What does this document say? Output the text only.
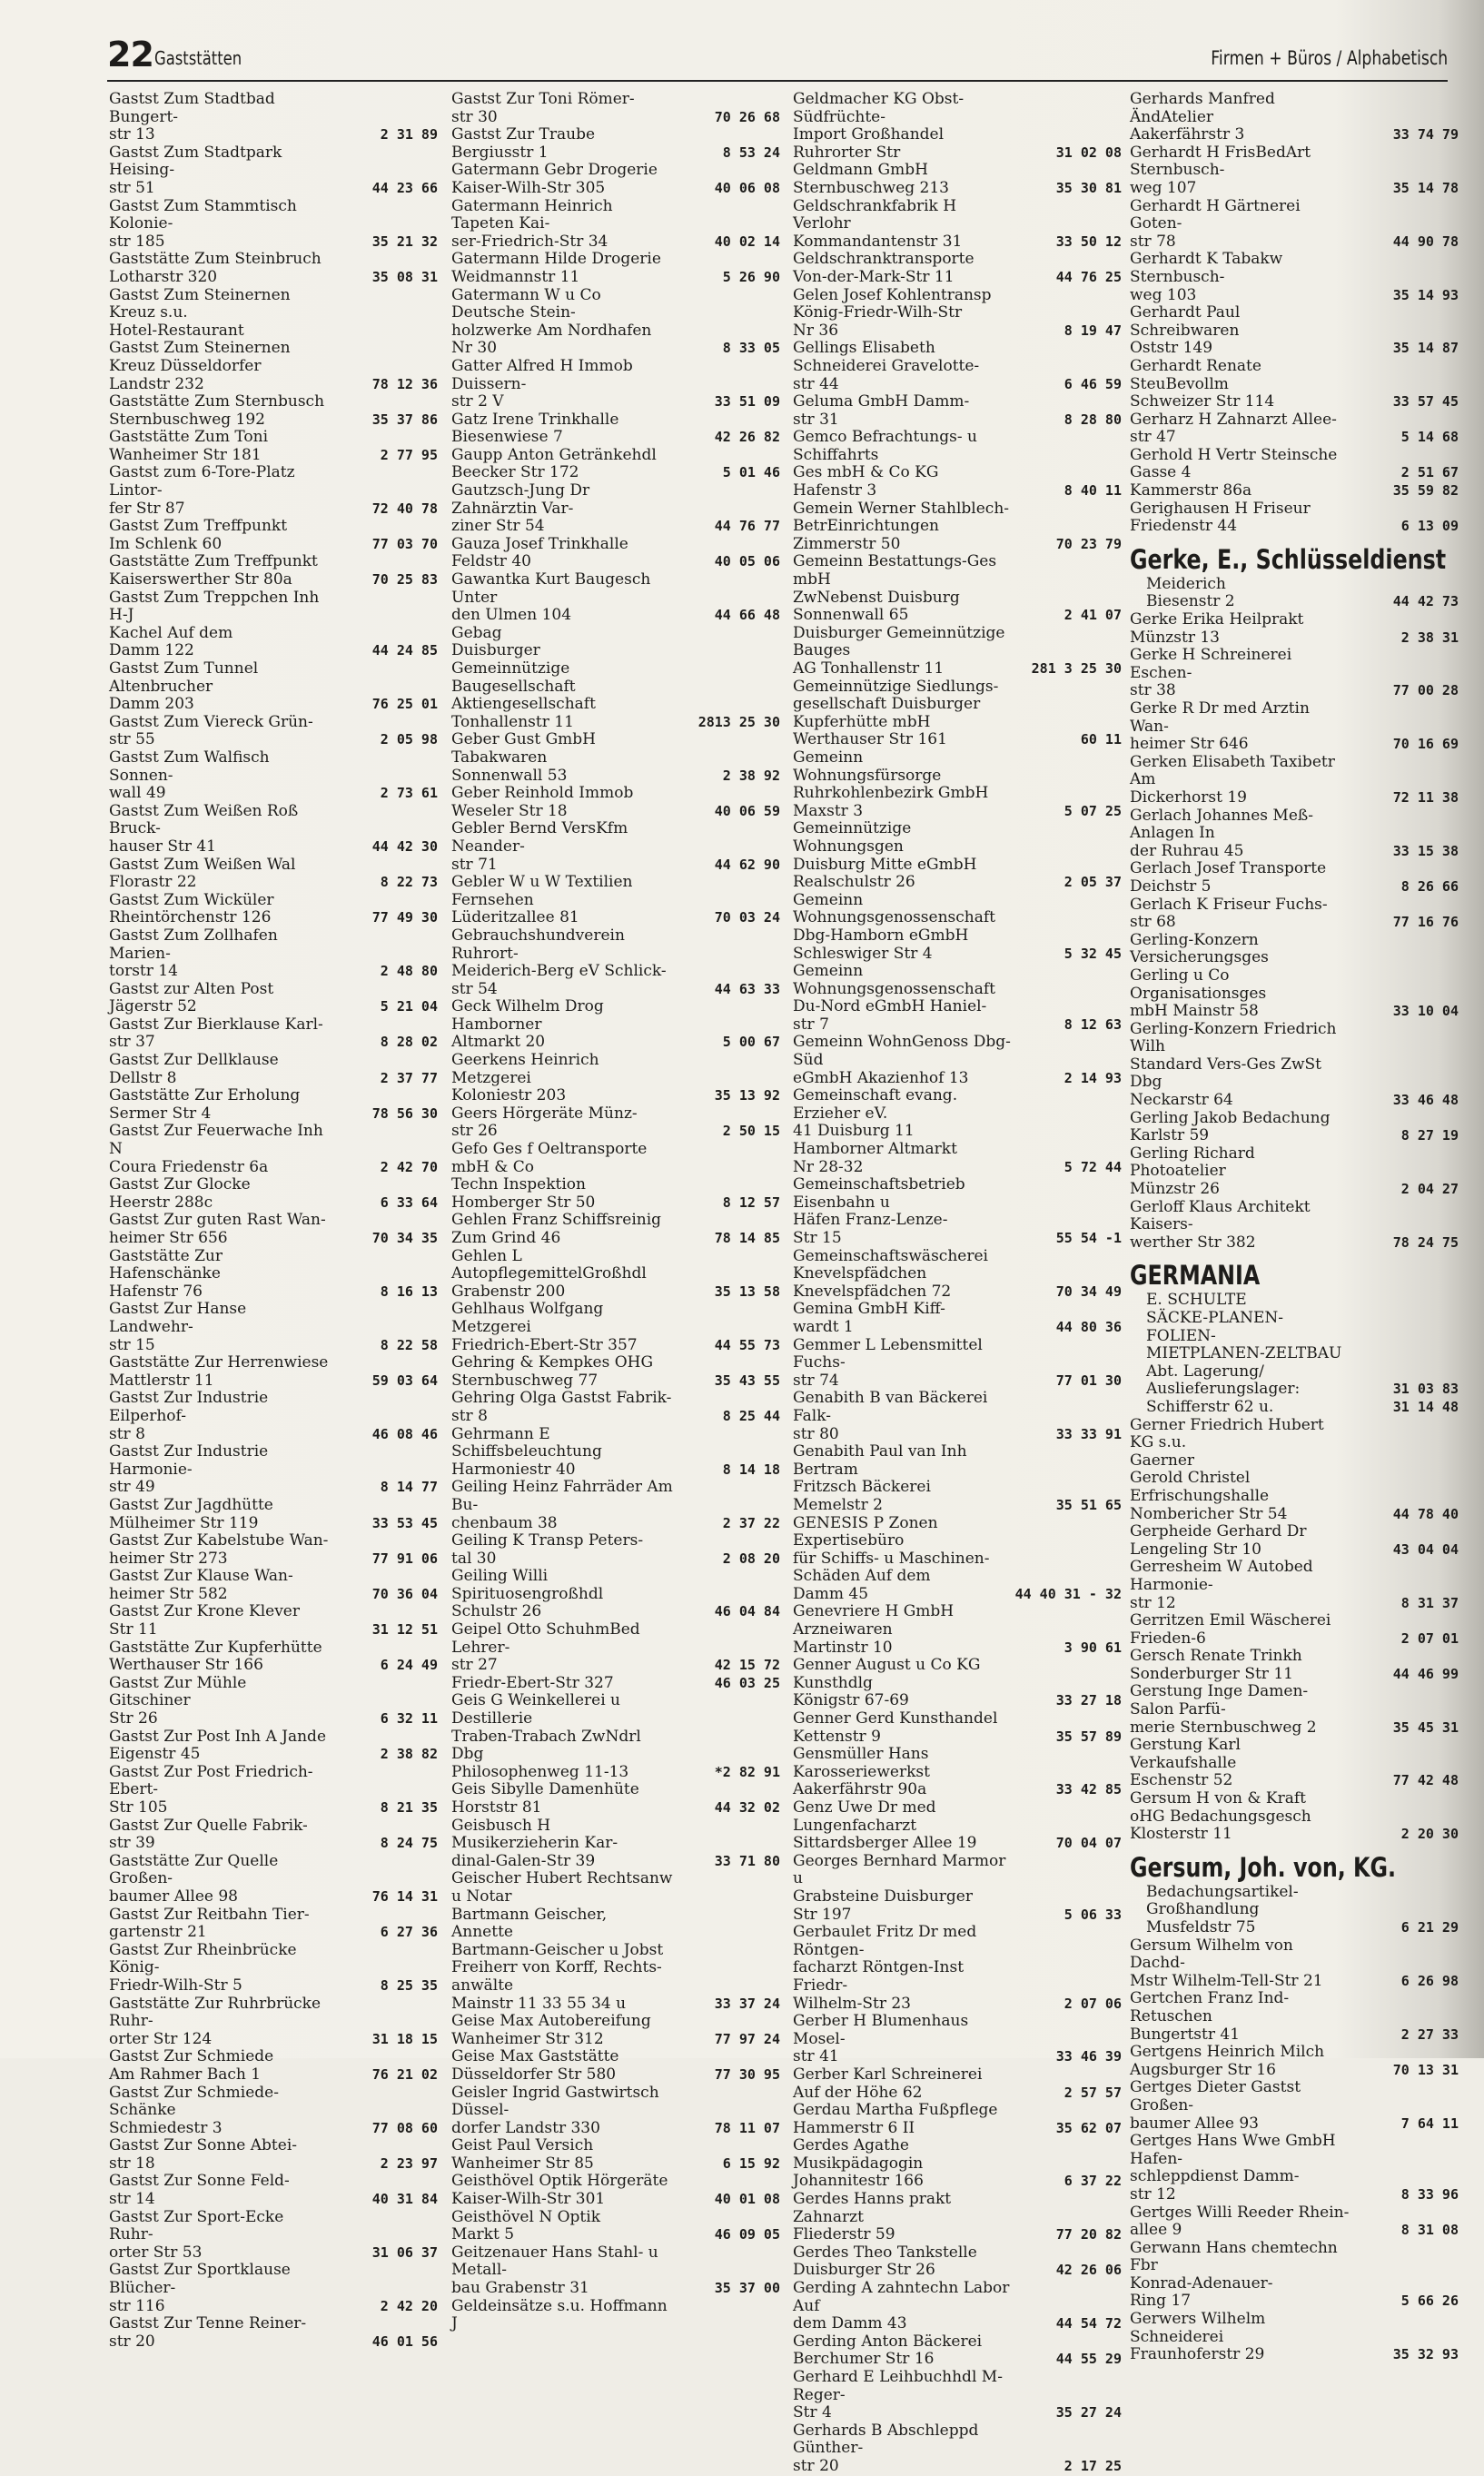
22 Gaststätten	Firmen + Büros / Alphabetisch
Gastst Zum Stadtbad Bungert-
str 13	2 31 89
Gastst Zum Stadtpark Heising-
str 51	44 23 66
Gastst Zum Stammtisch Kolonie-
str 185	35 21 32
Gaststätte Zum Steinbruch
Lotharstr 320	35 08 31
Gastst Zum Steinernen Kreuz s.u.
Hotel-Restaurant
Gastst Zum Steinernen
Kreuz Düsseldorfer
Landstr 232	78 12 36
Gaststätte Zum Sternbusch
Sternbuschweg 192	35 37 86
Gaststätte Zum Toni
Wanheimer Str 181	2 77 95
Gastst zum 6-Tore-Platz Lintor-
fer Str 87	72 40 78
Gastst Zum Treffpunkt
Im Schlenk 60	77 03 70
Gaststätte Zum Treffpunkt
Kaiserswerther Str 80a	70 25 83
Gastst Zum Treppchen Inh H-J
Kachel Auf dem
Damm 122	44 24 85
Gastst Zum Tunnel Altenbrucher
Damm 203	76 25 01
Gastst Zum Viereck Grün-
str 55	2 05 98
Gastst Zum Walfisch Sonnen-
wall 49	2 73 61
Gastst Zum Weißen Roß Bruck-
hauser Str 41	44 42 30
Gastst Zum Weißen Wal
Florastr 22	8 22 73
Gastst Zum Wicküler
Rheintörchenstr 126	77 49 30
Gastst Zum Zollhafen Marien-
torstr 14	2 48 80
Gastst zur Alten Post
Jägerstr 52	5 21 04
Gastst Zur Bierklause Karl-
str 37	8 28 02
Gastst Zur Dellklause
Dellstr 8	2 37 77
Gaststätte Zur Erholung
Sermer Str 4	78 56 30
Gastst Zur Feuerwache Inh N
Coura Friedenstr 6a	2 42 70
Gastst Zur Glocke
Heerstr 288c	6 33 64
Gastst Zur guten Rast Wan-
heimer Str 656	70 34 35
Gaststätte Zur Hafenschänke
Hafenstr 76	8 16 13
Gastst Zur Hanse Landwehr-
str 15	8 22 58
Gaststätte Zur Herrenwiese
Mattlerstr 11	59 03 64
Gastst Zur Industrie Eilperhof-
str 8	46 08 46
Gastst Zur Industrie Harmonie-
str 49	8 14 77
Gastst Zur Jagdhütte
Mülheimer Str 119	33 53 45
Gastst Zur Kabelstube Wan-
heimer Str 273	77 91 06
Gastst Zur Klause Wan-
heimer Str 582	70 36 04
Gastst Zur Krone Klever
Str 11	31 12 51
Gaststätte Zur Kupferhütte
Werthauser Str 166	6 24 49
Gastst Zur Mühle Gitschiner
Str 26	6 32 11
Gastst Zur Post Inh A Jande
Eigenstr 45	2 38 82
Gastst Zur Post Friedrich-Ebert-
Str 105	8 21 35
Gastst Zur Quelle Fabrik-
str 39	8 24 75
Gaststätte Zur Quelle Großen-
baumer Allee 98	76 14 31
Gastst Zur Reitbahn Tier-
gartenstr 21	6 27 36
Gastst Zur Rheinbrücke König-
Friedr-Wilh-Str 5	8 25 35
Gaststätte Zur Ruhrbrücke Ruhr-
orter Str 124	31 18 15
Gastst Zur Schmiede
Am Rahmer Bach 1	76 21 02
Gastst Zur Schmiede-Schänke
Schmiedestr 3	77 08 60
Gastst Zur Sonne Abtei-
str 18	2 23 97
Gastst Zur Sonne Feld-
str 14	40 31 84
Gastst Zur Sport-Ecke Ruhr-
orter Str 53	31 06 37
Gastst Zur Sportklause Blücher-
str 116	2 42 20
Gastst Zur Tenne Reiner-
str 20	46 01 56
Gastst Zur Toni Römer-
str 30	70 26 68
Gastst Zur Traube
Bergiusstr 1	8 53 24
Gatermann Gebr Drogerie
Kaiser-Wilh-Str 305	40 06 08
Gatermann Heinrich Tapeten Kai-
ser-Friedrich-Str 34	40 02 14
Gatermann Hilde Drogerie
Weidmannstr 11	5 26 90
Gatermann W u Co Deutsche Stein-
holzwerke Am Nordhafen
Nr 30	8 33 05
Gatter Alfred H Immob Duissern-
str 2 V	33 51 09
Gatz Irene Trinkhalle
Biesenwiese 7	42 26 82
Gaupp Anton Getränkehdl
Beecker Str 172	5 01 46
Gautzsch-Jung Dr Zahnärztin Var-
ziner Str 54	44 76 77
Gauza Josef Trinkhalle
Feldstr 40	40 05 06
Gawantka Kurt Baugesch Unter
den Ulmen 104	44 66 48
Gebag
Duisburger
Gemeinnützige Baugesellschaft
Aktiengesellschaft
Tonhallenstr 11	2813 25 30
Geber Gust GmbH Tabakwaren
Sonnenwall 53	2 38 92
Geber Reinhold Immob
Weseler Str 18	40 06 59
Gebler Bernd VersKfm Neander-
str 71	44 62 90
Gebler W u W Textilien Fernsehen
Lüderitzallee 81	70 03 24
Gebrauchshundverein Ruhrort-
Meiderich-Berg eV Schlick-
str 54	44 63 33
Geck Wilhelm Drog Hamborner
Altmarkt 20	5 00 67
Geerkens Heinrich Metzgerei
Koloniestr 203	35 13 92
Geers Hörgeräte Münz-
str 26	2 50 15
Gefo Ges f Oeltransporte mbH & Co
Techn Inspektion
Homberger Str 50	8 12 57
Gehlen Franz Schiffsreinig
Zum Grind 46	78 14 85
Gehlen L AutopflegemittelGroßhdl
Grabenstr 200	35 13 58
Gehlhaus Wolfgang Metzgerei
Friedrich-Ebert-Str 357	44 55 73
Gehring & Kempkes OHG
Sternbuschweg 77	35 43 55
Gehring Olga Gastst Fabrik-
str 8	8 25 44
Gehrmann E Schiffsbeleuchtung
Harmoniestr 40	8 14 18
Geiling Heinz Fahrräder Am Bu-
chenbaum 38	2 37 22
Geiling K Transp Peters-
tal 30	2 08 20
Geiling Willi Spirituosengroßhdl
Schulstr 26	46 04 84
Geipel Otto SchuhmBed Lehrer-
str 27	42 15 72
Friedr-Ebert-Str 327	46 03 25
Geis G Weinkellerei u Destillerie
Traben-Trabach ZwNdrl Dbg
Philosophenweg 11-13	*2 82 91
Geis Sibylle Damenhüte
Horststr 81	44 32 02
Geisbusch H Musikerzieherin Kar-
dinal-Galen-Str 39	33 71 80
Geischer Hubert Rechtsanw u Notar
Bartmann Geischer, Annette
Bartmann-Geischer u Jobst
Freiherr von Korff, Rechts-
anwälte
Mainstr 11 33 55 34 u	33 37 24
Geise Max Autobereifung
Wanheimer Str 312	77 97 24
Geise Max Gaststätte
Düsseldorfer Str 580	77 30 95
Geisler Ingrid Gastwirtsch Düssel-
dorfer Landstr 330	78 11 07
Geist Paul Versich
Wanheimer Str 85	6 15 92
Geisthövel Optik Hörgeräte
Kaiser-Wilh-Str 301	40 01 08
Geisthövel N Optik
Markt 5	46 09 05
Geitzenauer Hans Stahl- u Metall-
bau Grabenstr 31	35 37 00
Geldeinsätze s.u. Hoffmann J
Geldmacher KG Obst-Südfrüchte-
Import Großhandel
Ruhrorter Str	31 02 08
Geldmann GmbH
Sternbuschweg 213	35 30 81
Geldschrankfabrik H Verlohr
Kommandantenstr 31	33 50 12
Geldschranktransporte
Von-der-Mark-Str 11	44 76 25
Gelen Josef Kohlentransp
König-Friedr-Wilh-Str
Nr 36	8 19 47
Gellings Elisabeth
Schneiderei Gravelotte-
str 44	6 46 59
Geluma GmbH Damm-
str 31	8 28 80
Gemco Befrachtungs- u Schiffahrts
Ges mbH & Co KG
Hafenstr 3	8 40 11
Gemein Werner Stahlblech-
BetrEinrichtungen
Zimmerstr 50	70 23 79
Gemeinn Bestattungs-Ges mbH
ZwNebenst Duisburg
Sonnenwall 65	2 41 07
Duisburger Gemeinnützige Bauges
AG Tonhallenstr 11	281 3 25 30
Gemeinnützige Siedlungs-
gesellschaft Duisburger
Kupferhütte mbH
Werthauser Str 161	60 11
Gemeinn Wohnungsfürsorge
Ruhrkohlenbezirk GmbH
Maxstr 3	5 07 25
Gemeinnützige Wohnungsgen
Duisburg Mitte eGmbH
Realschulstr 26	2 05 37
Gemeinn Wohnungsgenossenschaft
Dbg-Hamborn eGmbH
Schleswiger Str 4	5 32 45
Gemeinn Wohnungsgenossenschaft
Du-Nord eGmbH Haniel-
str 7	8 12 63
Gemeinn WohnGenoss Dbg-Süd
eGmbH Akazienhof 13	2 14 93
Gemeinschaft evang. Erzieher eV.
41 Duisburg 11
Hamborner Altmarkt
Nr 28-32	5 72 44
Gemeinschaftsbetrieb Eisenbahn u
Häfen Franz-Lenze-
Str 15	55 54 -1
Gemeinschaftswäscherei
Knevelspfädchen
Knevelspfädchen 72	70 34 49
Gemina GmbH Kiff-
wardt 1	44 80 36
Gemmer L Lebensmittel Fuchs-
str 74	77 01 30
Genabith B van Bäckerei Falk-
str 80	33 33 91
Genabith Paul van Inh Bertram
Fritzsch Bäckerei
Memelstr 2	35 51 65
GENESIS P Zonen Expertisebüro
für Schiffs- u Maschinen-
Schäden Auf dem
Damm 45	44 40 31 - 32
Genevriere H GmbH Arzneiwaren
Martinstr 10	3 90 61
Genner August u Co KG Kunsthdlg
Königstr 67-69	33 27 18
Genner Gerd Kunsthandel
Kettenstr 9	35 57 89
Gensmüller Hans Karosseriewerkst
Aakerfährstr 90a	33 42 85
Genz Uwe Dr med Lungenfacharzt
Sittardsberger Allee 19	70 04 07
Georges Bernhard Marmor u
Grabsteine Duisburger
Str 197	5 06 33
Gerbaulet Fritz Dr med Röntgen-
facharzt Röntgen-Inst Friedr-
Wilhelm-Str 23	2 07 06
Gerber H Blumenhaus Mosel-
str 41	33 46 39
Gerber Karl Schreinerei
Auf der Höhe 62	2 57 57
Gerdau Martha Fußpflege
Hammerstr 6 II	35 62 07
Gerdes Agathe Musikpädagogin
Johannitestr 166	6 37 22
Gerdes Hanns prakt Zahnarzt
Fliederstr 59	77 20 82
Gerdes Theo Tankstelle
Duisburger Str 26	42 26 06
Gerding A zahntechn Labor Auf
dem Damm 43	44 54 72
Gerding Anton Bäckerei
Berchumer Str 16	44 55 29
Gerhard E Leihbuchhdl M-Reger-
Str 4	35 27 24
Gerhards B Abschleppd Günther-
str 20	2 17 25
Gerhards Manfred ÄndAtelier
Aakerfährstr 3	33 74 79
Gerhardt H FrisBedArt Sternbusch-
weg 107	35 14 78
Gerhardt H Gärtnerei Goten-
str 78	44 90 78
Gerhardt K Tabakw Sternbusch-
weg 103	35 14 93
Gerhardt Paul Schreibwaren
Oststr 149	35 14 87
Gerhardt Renate SteuBevollm
Schweizer Str 114	33 57 45
Gerharz H Zahnarzt Allee-
str 47	5 14 68
Gerhold H Vertr Steinsche
Gasse 4	2 51 67
Kammerstr 86a	35 59 82
Gerighausen H Friseur
Friedenstr 44	6 13 09
Gerke, E., Schlüsseldienst
Meiderich
Biesenstr 2	44 42 73
Gerke Erika Heilprakt
Münzstr 13	2 38 31
Gerke H Schreinerei Eschen-
str 38	77 00 28
Gerke R Dr med Arztin Wan-
heimer Str 646	70 16 69
Gerken Elisabeth Taxibetr Am
Dickerhorst 19	72 11 38
Gerlach Johannes Meß-Anlagen In
der Ruhrau 45	33 15 38
Gerlach Josef Transporte
Deichstr 5	8 26 66
Gerlach K Friseur Fuchs-
str 68	77 16 76
Gerling-Konzern Versicherungsges
Gerling u Co Organisationsges
mbH Mainstr 58	33 10 04
Gerling-Konzern Friedrich Wilh
Standard Vers-Ges ZwSt Dbg
Neckarstr 64	33 46 48
Gerling Jakob Bedachung
Karlstr 59	8 27 19
Gerling Richard Photoatelier
Münzstr 26	2 04 27
Gerloff Klaus Architekt Kaisers-
werther Str 382	78 24 75
GERMANIA
E. SCHULTE
SÄCKE-PLANEN-FOLIEN-
MIETPLANEN-ZELTBAU
Abt. Lagerung/
Auslieferungslager:	31 03 83
Schifferstr 62 u.	31 14 48
Gerner Friedrich Hubert KG s.u.
Gaerner
Gerold Christel Erfrischungshalle
Nombericher Str 54	44 78 40
Gerpheide Gerhard Dr
Lengeling Str 10	43 04 04
Gerresheim W Autobed Harmonie-
str 12	8 31 37
Gerritzen Emil Wäscherei
Frieden-6	2 07 01
Gersch Renate Trinkh
Sonderburger Str 11	44 46 99
Gerstung Inge Damen-Salon Parfü-
merie Sternbuschweg 2	35 45 31
Gerstung Karl Verkaufshalle
Eschenstr 52	77 42 48
Gersum H von & Kraft
oHG Bedachungsgesch
Klosterstr 11	2 20 30
Gersum, Joh. von, KG.
Bedachungsartikel-Großhandlung
Musfeldstr 75	6 21 29
Gersum Wilhelm von Dachd-
Mstr Wilhelm-Tell-Str 21	6 26 98
Gertchen Franz Ind-Retuschen
Bungertstr 41	2 27 33
Gertgens Heinrich Milch
Augsburger Str 16	70 13 31
Gertges Dieter Gastst Großen-
baumer Allee 93	7 64 11
Gertges Hans Wwe GmbH Hafen-
schleppdienst Damm-
str 12	8 33 96
Gertges Willi Reeder Rhein-
allee 9	8 31 08
Gerwann Hans chemtechn Fbr
Konrad-Adenauer-
Ring 17	5 66 26
Gerwers Wilhelm Schneiderei
Fraunhoferstr 29	35 32 93
